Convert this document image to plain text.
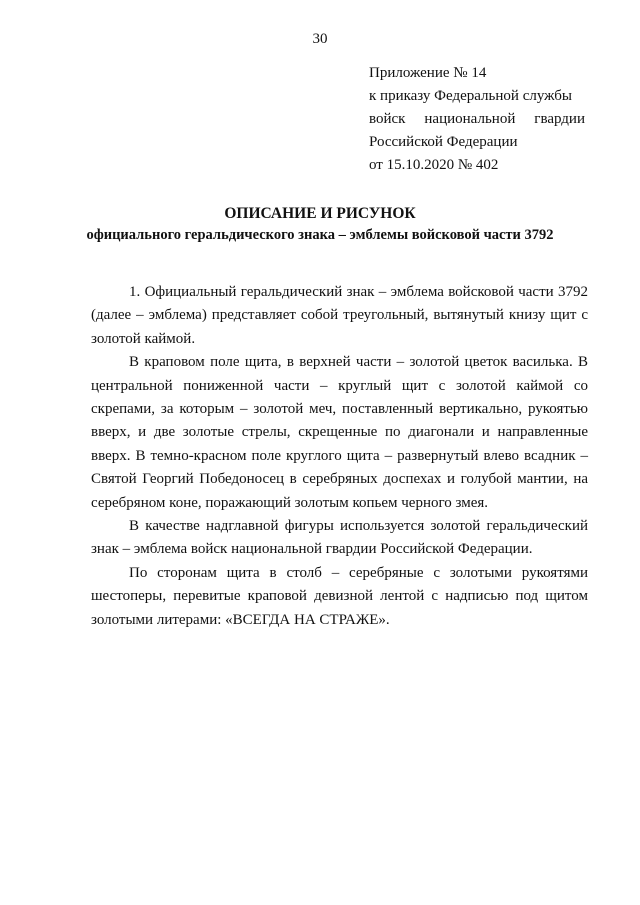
30
Приложение № 14
к приказу Федеральной службы
войск национальной гвардии
Российской Федерации
от 15.10.2020 № 402
ОПИСАНИЕ И РИСУНОК
официального геральдического знака – эмблемы войсковой части 3792

1. Официальный геральдический знак – эмблема войсковой части 3792 (далее – эмблема) представляет собой треугольный, вытянутый книзу щит с золотой каймой.

В краповом поле щита, в верхней части – золотой цветок василька. В центральной пониженной части – круглый щит с золотой каймой со скрепами, за которым – золотой меч, поставленный вертикально, рукоятью вверх, и две золотые стрелы, скрещенные по диагонали и направленные вверх. В темно-красном поле круглого щита – развернутый влево всадник – Святой Георгий Победоносец в серебряных доспехах и голубой мантии, на серебряном коне, поражающий золотым копьем черного змея.

В качестве надглавной фигуры используется золотой геральдический знак – эмблема войск национальной гвардии Российской Федерации.

По сторонам щита в столб – серебряные с золотыми рукоятями шестоперы, перевитые краповой девизной лентой с надписью под щитом золотыми литерами: «ВСЕГДА НА СТРАЖЕ».
